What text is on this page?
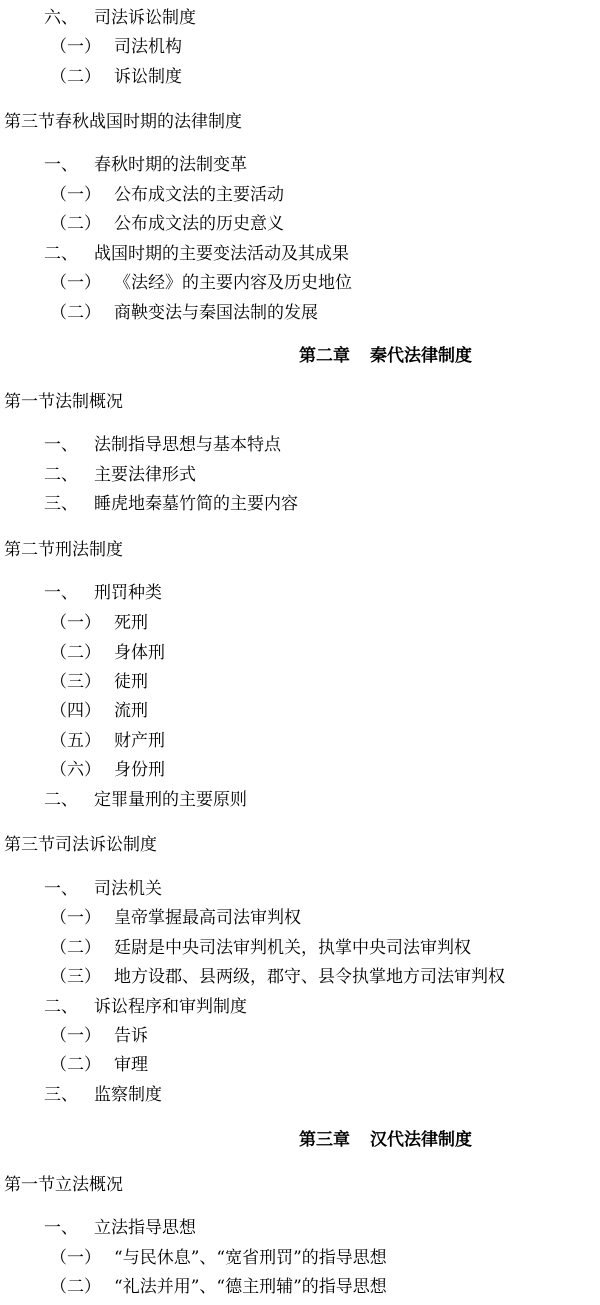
六、 司法诉讼制度
（一） 司法机构
（二） 诉讼制度
第三节春秋战国时期的法律制度
一、 春秋时期的法制变革
（一） 公布成文法的主要活动
（二） 公布成文法的历史意义
二、 战国时期的主要变法活动及其成果
（一） 《法经》的主要内容及历史地位
（二） 商鞅变法与秦国法制的发展
第二章 秦代法律制度
第一节法制概况
一、 法制指导思想与基本特点
二、 主要法律形式
三、 睡虎地秦墓竹简的主要内容
第二节刑法制度
一、 刑罚种类
（一） 死刑
（二） 身体刑
（三） 徒刑
（四） 流刑
（五） 财产刑
（六） 身份刑
二、 定罪量刑的主要原则
第三节司法诉讼制度
一、 司法机关
（一） 皇帝掌握最高司法审判权
（二） 廷尉是中央司法审判机关，执掌中央司法审判权
（三） 地方设郡、县两级，郡守、县令执掌地方司法审判权
二、 诉讼程序和审判制度
（一） 告诉
（二） 审理
三、 监察制度
第三章 汉代法律制度
第一节立法概况
一、 立法指导思想
（一） “与民休息”、“宽省刑罚”的指导思想
（二） “礼法并用”、“德主刑辅”的指导思想
